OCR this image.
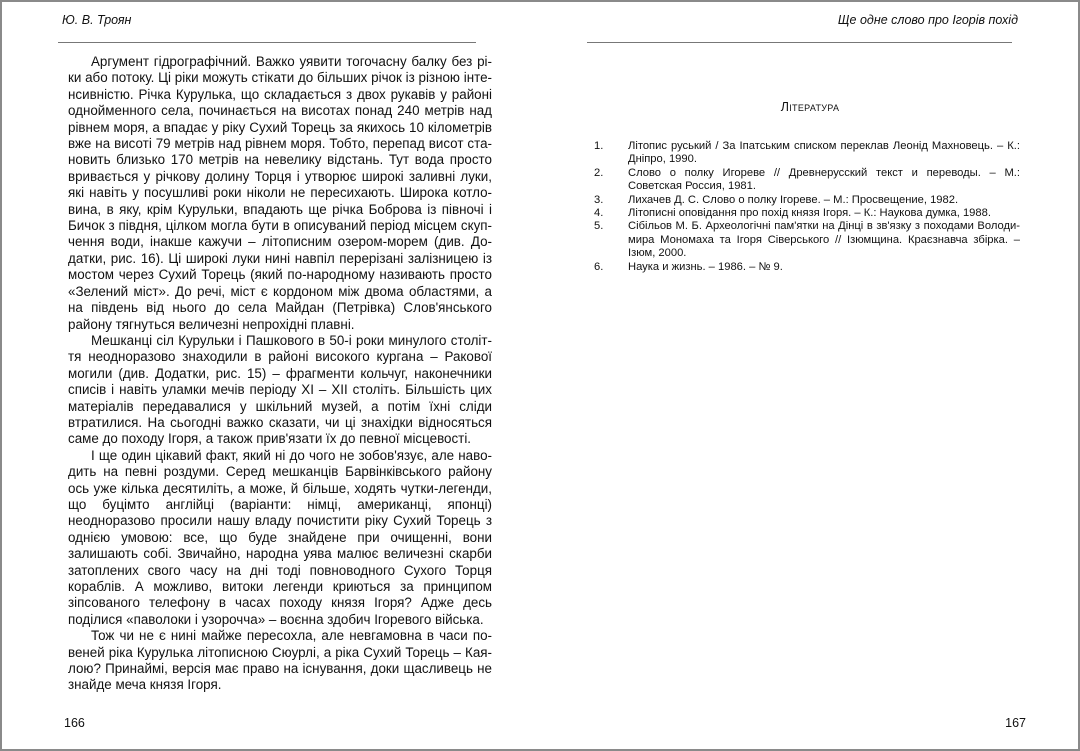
Ю. В. Троян

Аргумент гідрографічний. Важко уявити тогочасну балку без ріки або потоку. Ці ріки можуть стікати до більших річок із різною інтенсивністю. Річка Курулька, що складається з двох рукавів у районі однойменного села, починається на висотах понад 240 метрів над рівнем моря, а впадає у ріку Сухий Торець за якихось 10 кілометрів вже на висоті 79 метрів над рівнем моря. Тобто, перепад висот становить близько 170 метрів на невелику відстань. Тут вода просто вривається у річкову долину Торця і утворює широкі заливні луки, які навіть у посушливі роки ніколи не пересихають. Широка котловина, в яку, крім Курульки, впадають ще річка Боброва із півночі і Бичок з півдня, цілком могла бути в описуваний період місцем скупчення води, інакше кажучи – літописним озером-морем (див. Додатки, рис. 16). Ці широкі луки нині навпіл перерізані залізницею із мостом через Сухий Торець (який по-народному називають просто «Зелений міст». До речі, міст є кордоном між двома областями, а на південь від нього до села Майдан (Петрівка) Слов'янського району тягнуться величезні непрохідні плавні.

Мешканці сіл Курульки і Пашкового в 50-і роки минулого століття неодноразово знаходили в районі високого кургана – Ракової могили (див. Додатки, рис. 15) – фрагменти кольчуг, наконечники списів і навіть уламки мечів періоду XI – XII століть. Більшість цих матеріалів передавалися у шкільний музей, а потім їхні сліди втратилися. На сьогодні важко сказати, чи ці знахідки відносяться саме до походу Ігоря, а також прив'язати їх до певної місцевості.

І ще один цікавий факт, який ні до чого не зобов'язує, але наводить на певні роздуми. Серед мешканців Барвінківського району ось уже кілька десятиліть, а може, й більше, ходять чутки-легенди, що буцімто англійці (варіанти: німці, американці, японці) неодноразово просили нашу владу почистити ріку Сухий Торець з однією умовою: все, що буде знайдене при очищенні, вони залишають собі. Звичайно, народна уява малює величезні скарби затоплених свого часу на дні тоді повноводного Сухого Торця кораблів. А можливо, витоки легенди криються за принципом зіпсованого телефону в часах походу князя Ігоря? Адже десь поділися «паволоки і узорочча» – воєнна здобич Ігоревого війська.

Тож чи не є нині майже пересохла, але невгамовна в часи повеней ріка Курулька літописною Сюурлі, а ріка Сухий Торець – Каялою? Принаймі, версія має право на існування, доки щасливець не знайде меча князя Ігоря.

166
Ще одне слово про Ігорів похід
Література
1. Літопис руський / За Іпатським списком переклав Леонід Махновець. – К.: Дніпро, 1990.
2. Слово о полку Игореве // Древнерусский текст и переводы. – М.: Советская Россия, 1981.
3. Лихачев Д. С. Слово о полку Ігореве. – М.: Просвещение, 1982.
4. Літописні оповідання про похід князя Ігоря. – К.: Наукова думка, 1988.
5. Сібільов М. Б. Археологічні пам'ятки на Дінці в зв'язку з походами Володимира Мономаха та Ігоря Сіверського // Ізюмщина. Краєзнавча збірка. – Ізюм, 2000.
6. Наука и жизнь. – 1986. – № 9.
167
